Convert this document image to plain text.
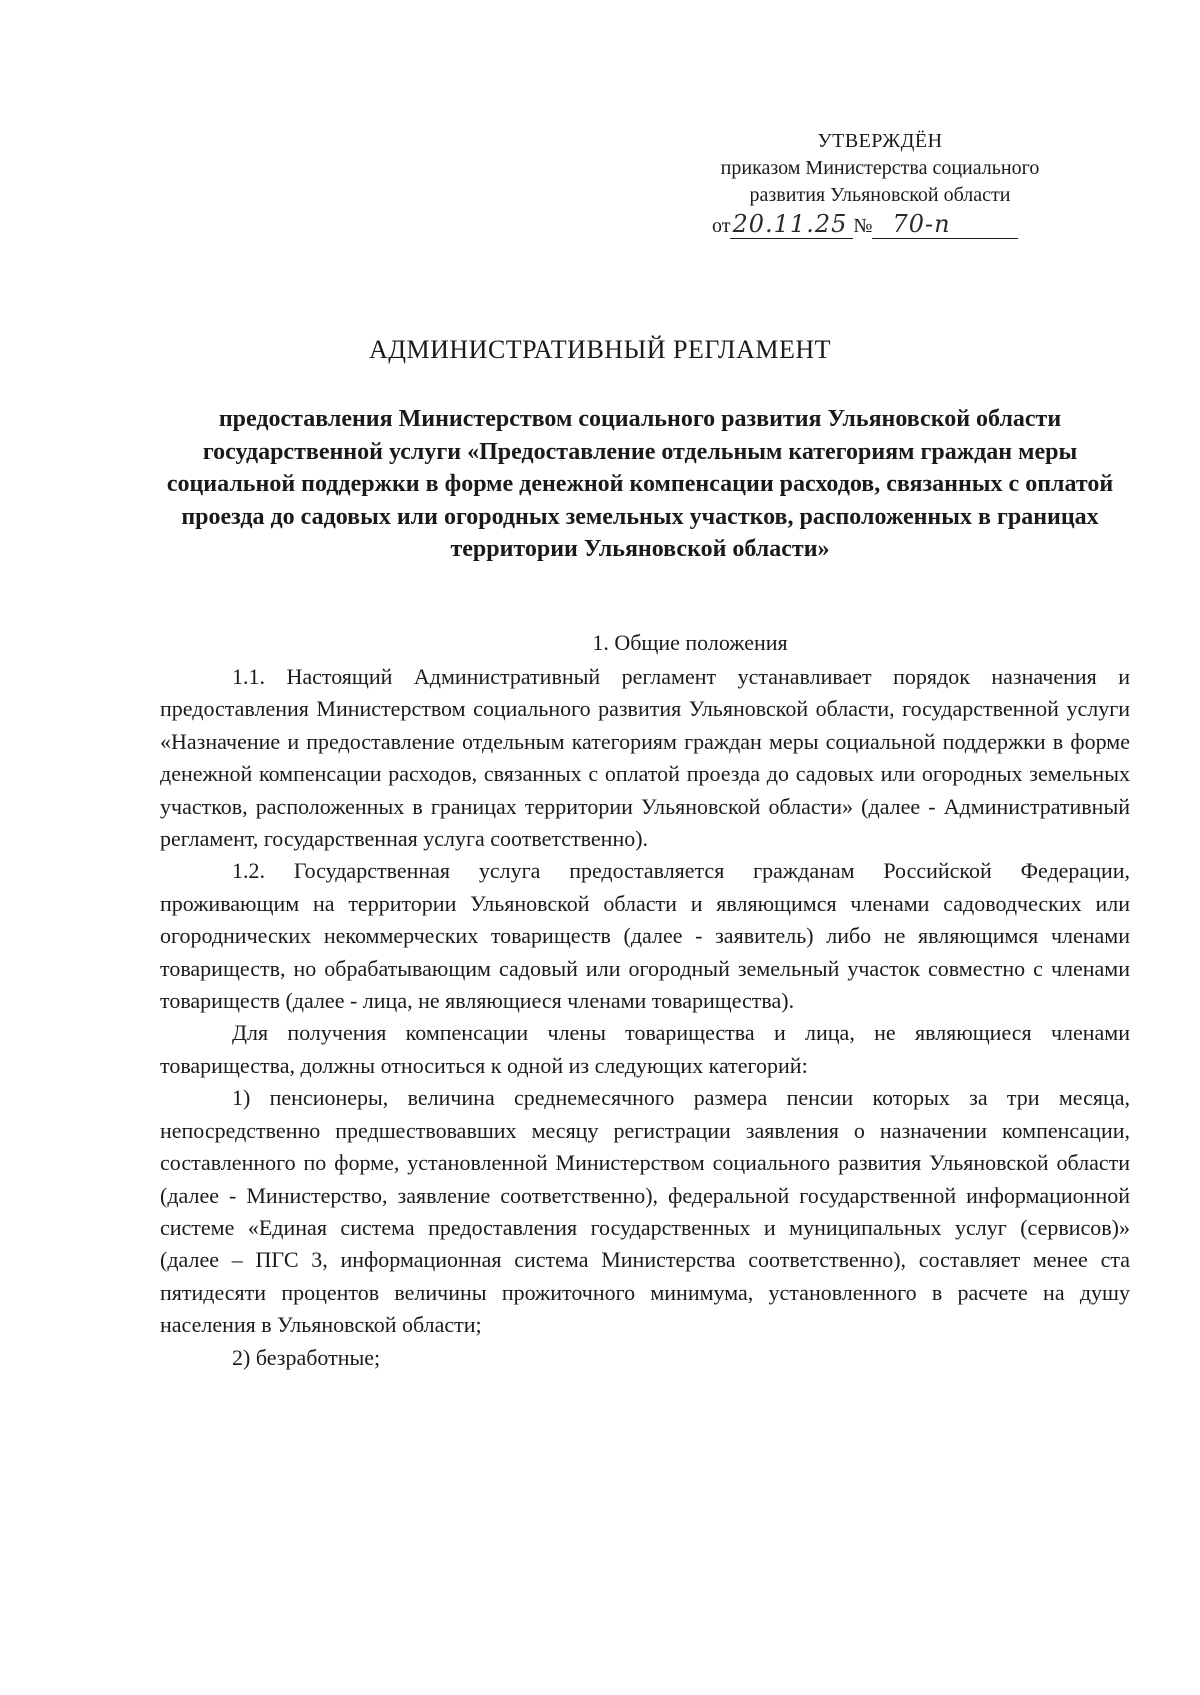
УТВЕРЖДЁН
приказом Министерства социального
развития Ульяновской области
от20.11.25 № 70-п
АДМИНИСТРАТИВНЫЙ РЕГЛАМЕНТ
предоставления Министерством социального развития Ульяновской области государственной услуги «Предоставление отдельным категориям граждан меры социальной поддержки в форме денежной компенсации расходов, связанных с оплатой проезда до садовых или огородных земельных участков, расположенных в границах территории Ульяновской области»
1. Общие положения

1.1. Настоящий Административный регламент устанавливает порядок назначения и предоставления Министерством социального развития Ульяновской области, государственной услуги «Назначение и предоставление отдельным категориям граждан меры социальной поддержки в форме денежной компенсации расходов, связанных с оплатой проезда до садовых или огородных земельных участков, расположенных в границах территории Ульяновской области» (далее - Административный регламент, государственная услуга соответственно).

1.2. Государственная услуга предоставляется гражданам Российской Федерации, проживающим на территории Ульяновской области и являющимся членами садоводческих или огороднических некоммерческих товариществ (далее - заявитель) либо не являющимся членами товариществ, но обрабатывающим садовый или огородный земельный участок совместно с членами товариществ (далее - лица, не являющиеся членами товарищества).

Для получения компенсации члены товарищества и лица, не являющиеся членами товарищества, должны относиться к одной из следующих категорий:

1) пенсионеры, величина среднемесячного размера пенсии которых за три месяца, непосредственно предшествовавших месяцу регистрации заявления о назначении компенсации, составленного по форме, установленной Министерством социального развития Ульяновской области (далее - Министерство, заявление соответственно), федеральной государственной информационной системе «Единая система предоставления государственных и муниципальных услуг (сервисов)» (далее – ПГС 3, информационная система Министерства соответственно), составляет менее ста пятидесяти процентов величины прожиточного минимума, установленного в расчете на душу населения в Ульяновской области;

2) безработные;
